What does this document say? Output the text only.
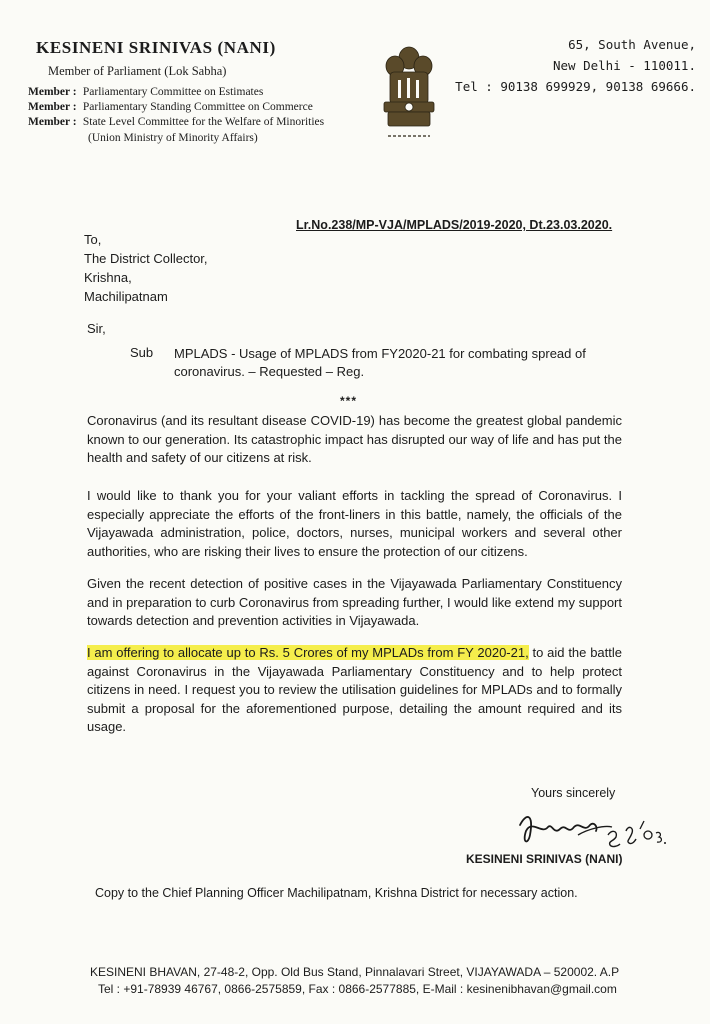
KESINENI SRINIVAS (NANI)
Member of Parliament (Lok Sabha)
Member : Parliamentary Committee on Estimates
Member : Parliamentary Standing Committee on Commerce
Member : State Level Committee for the Welfare of Minorities
(Union Ministry of Minority Affairs)
65, South Avenue,
New Delhi - 110011.
Tel : 90138 699929, 90138 69666.
Lr.No.238/MP-VJA/MPLADS/2019-2020, Dt.23.03.2020.
To,
The District Collector,
Krishna,
Machilipatnam
Sir,
Sub MPLADS - Usage of MPLADS from FY2020-21 for combating spread of coronavirus. – Requested – Reg.
***

Coronavirus (and its resultant disease COVID-19) has become the greatest global pandemic known to our generation. Its catastrophic impact has disrupted our way of life and has put the health and safety of our citizens at risk.

I would like to thank you for your valiant efforts in tackling the spread of Coronavirus. I especially appreciate the efforts of the front-liners in this battle, namely, the officials of the Vijayawada administration, police, doctors, nurses, municipal workers and several other authorities, who are risking their lives to ensure the protection of our citizens.

Given the recent detection of positive cases in the Vijayawada Parliamentary Constituency and in preparation to curb Coronavirus from spreading further, I would like extend my support towards detection and prevention activities in Vijayawada.

I am offering to allocate up to Rs. 5 Crores of my MPLADs from FY 2020-21, to aid the battle against Coronavirus in the Vijayawada Parliamentary Constituency and to help protect citizens in need. I request you to review the utilisation guidelines for MPLADs and to formally submit a proposal for the aforementioned purpose, detailing the amount required and its usage.

Yours sincerely
KESINENI SRINIVAS (NANI)
Copy to the Chief Planning Officer Machilipatnam, Krishna District for necessary action.
KESINENI BHAVAN, 27-48-2, Opp. Old Bus Stand, Pinnalavari Street, VIJAYAWADA – 520002. A.P
Tel : +91-78939 46767, 0866-2575859, Fax : 0866-2577885, E-Mail : kesinenibhavan@gmail.com
